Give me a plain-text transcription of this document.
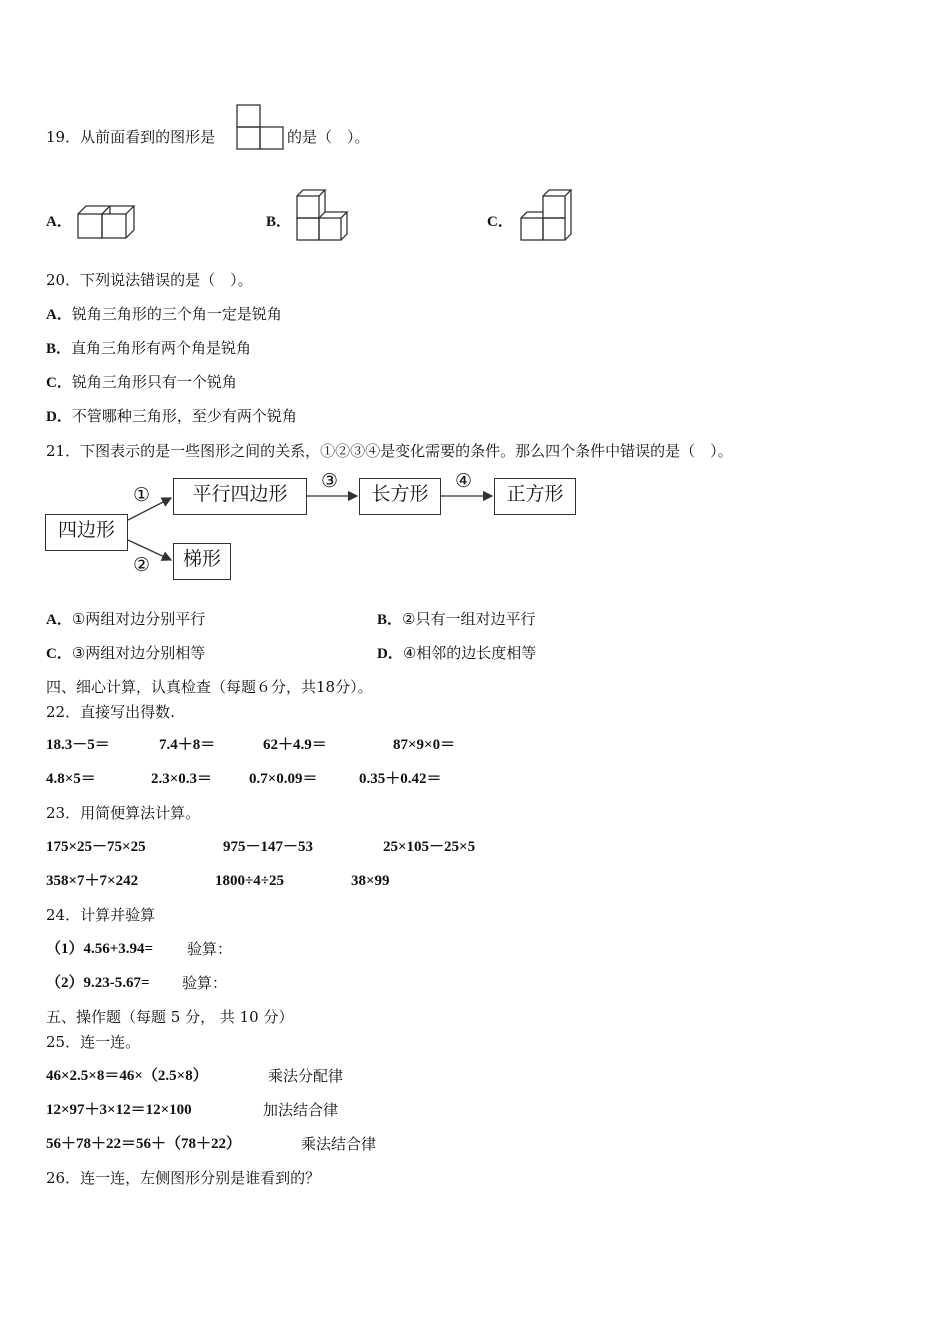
19．从前面看到的图形是	的是（　）。
A．	B．	C．
20．下列说法错误的是（　）。
A．锐角三角形的三个角一定是锐角
B．直角三角形有两个角是锐角
C．锐角三角形只有一个锐角
D．不管哪种三角形，至少有两个锐角
21．下图表示的是一些图形之间的关系，①②③④是变化需要的条件。那么四个条件中错误的是（　）。
四边形
平行四边形	长方形	正方形
梯形
①
②
③	④
A．①两组对边分别平行	B．②只有一组对边平行
C．③两组对边分别相等	D．④相邻的边长度相等
四、细心计算，认真检查（每题６分，共18分）。
22．直接写出得数.
18.3－5＝	7.4＋8＝	62＋4.9＝	87×9×0＝
4.8×5＝	2.3×0.3＝ 0.7×0.09＝	0.35＋0.42＝
23．用简便算法计算。
175×25－75×25	975－147－53	25×105－25×5
358×7＋7×242	1800÷4÷25	38×99
24．计算并验算
（1）4.56+3.94= 验算：
（2）9.23-5.67= 验算：
五、操作题（每题 5 分， 共 10 分）
25．连一连。
46×2.5×8＝46×（2.5×8）	乘法分配律
12×97＋3×12＝12×100	加法结合律
56＋78＋22＝56＋（78＋22）	乘法结合律
26．连一连，左侧图形分别是谁看到的？
